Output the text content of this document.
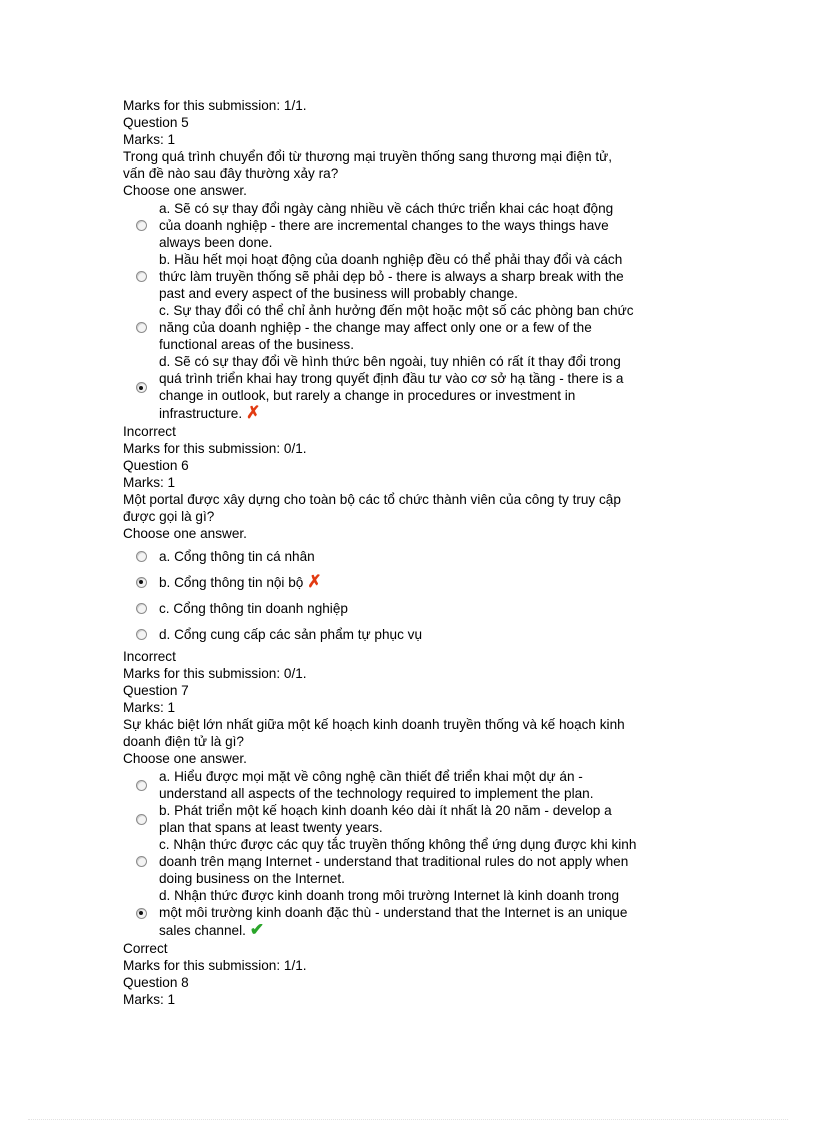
Marks for this submission: 1/1.
Question 5
Marks: 1
Trong quá trình chuyển đổi từ thương mại truyền thống sang thương mại điện tử,
vấn đề nào sau đây thường xảy ra?
Choose one answer.
a. Sẽ có sự thay đổi ngày càng nhiều về cách thức triển khai các hoạt động
của doanh nghiệp - there are incremental changes to the ways things have
always been done.
b. Hầu hết mọi hoạt động của doanh nghiệp đều có thể phải thay đổi và cách
thức làm truyền thống sẽ phải dẹp bỏ - there is always a sharp break with the
past and every aspect of the business will probably change.
c. Sự thay đổi có thể chỉ ảnh hưởng đến một hoặc một số các phòng ban chức
năng của doanh nghiệp - the change may affect only one or a few of the
functional areas of the business.
d. Sẽ có sự thay đổi về hình thức bên ngoài, tuy nhiên có rất ít thay đổi trong
quá trình triển khai hay trong quyết định đầu tư vào cơ sở hạ tầng - there is a
change in outlook, but rarely a change in procedures or investment in
infrastructure. ✗
Incorrect
Marks for this submission: 0/1.
Question 6
Marks: 1
Một portal được xây dựng cho toàn bộ các tổ chức thành viên của công ty truy cập
được gọi là gì?
Choose one answer.
a. Cổng thông tin cá nhân
b. Cổng thông tin nội bộ ✗
c. Cổng thông tin doanh nghiệp
d. Cổng cung cấp các sản phẩm tự phục vụ
Incorrect
Marks for this submission: 0/1.
Question 7
Marks: 1
Sự khác biệt lớn nhất giữa một kế hoạch kinh doanh truyền thống và kế hoạch kinh
doanh điện tử là gì?
Choose one answer.
a. Hiểu được mọi mặt về công nghệ cần thiết để triển khai một dự án -
understand all aspects of the technology required to implement the plan.
b. Phát triển một kế hoạch kinh doanh kéo dài ít nhất là 20 năm - develop a
plan that spans at least twenty years.
c. Nhận thức được các quy tắc truyền thống không thể ứng dụng được khi kinh
doanh trên mạng Internet - understand that traditional rules do not apply when
doing business on the Internet.
d. Nhận thức được kinh doanh trong môi trường Internet là kinh doanh trong
một môi trường kinh doanh đặc thù - understand that the Internet is an unique
sales channel. ✔
Correct
Marks for this submission: 1/1.
Question 8
Marks: 1
